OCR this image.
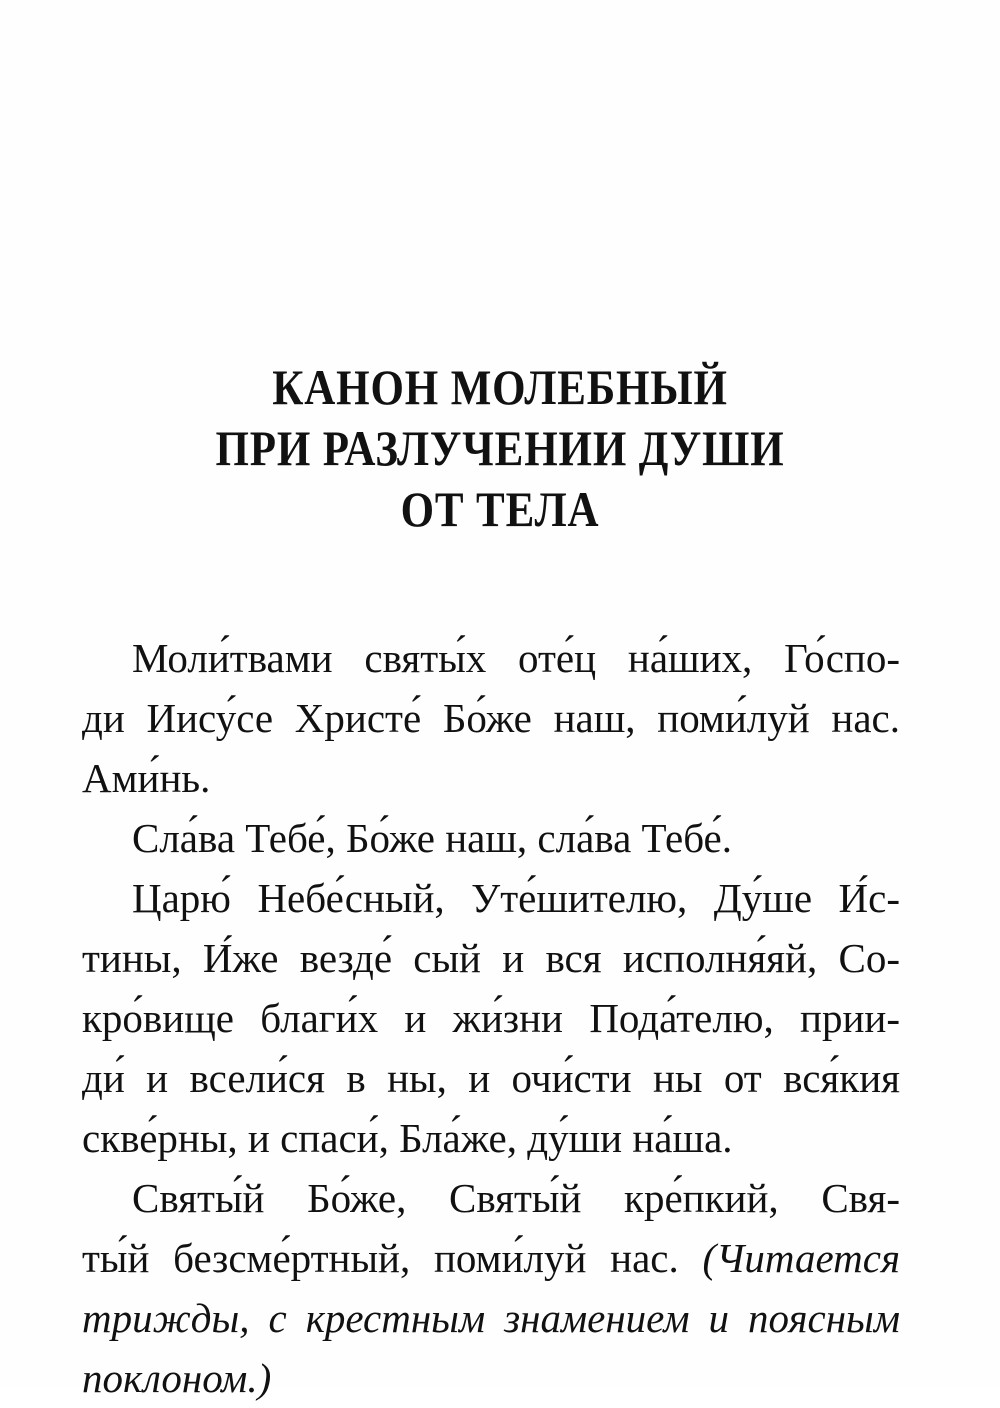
КАНОН МОЛЕБНЫЙ
ПРИ РАЗЛУЧЕНИИ ДУШИ
ОТ ТЕЛА
Моли́твами святы́х оте́ц на́ших, Го́спо-
ди Иису́се Христе́ Бо́же наш, поми́луй нас.
Ами́нь.
Сла́ва Тебе́, Бо́же наш, сла́ва Тебе́.
Царю́ Небе́сный, Уте́шителю, Ду́ше И́с-
тины, И́же везде́ сый и вся исполня́яй, Со-
кро́вище благи́х и жи́зни Пода́телю, прии-
ди́ и всели́ся в ны, и очи́сти ны от вся́кия
скве́рны, и спаси́, Бла́же, ду́ши на́ша.
Святы́й Бо́же, Святы́й кре́пкий, Свя-
ты́й безсме́ртный, поми́луй нас. (Читается
трижды, с крестным знамением и поясным
поклоном.)
